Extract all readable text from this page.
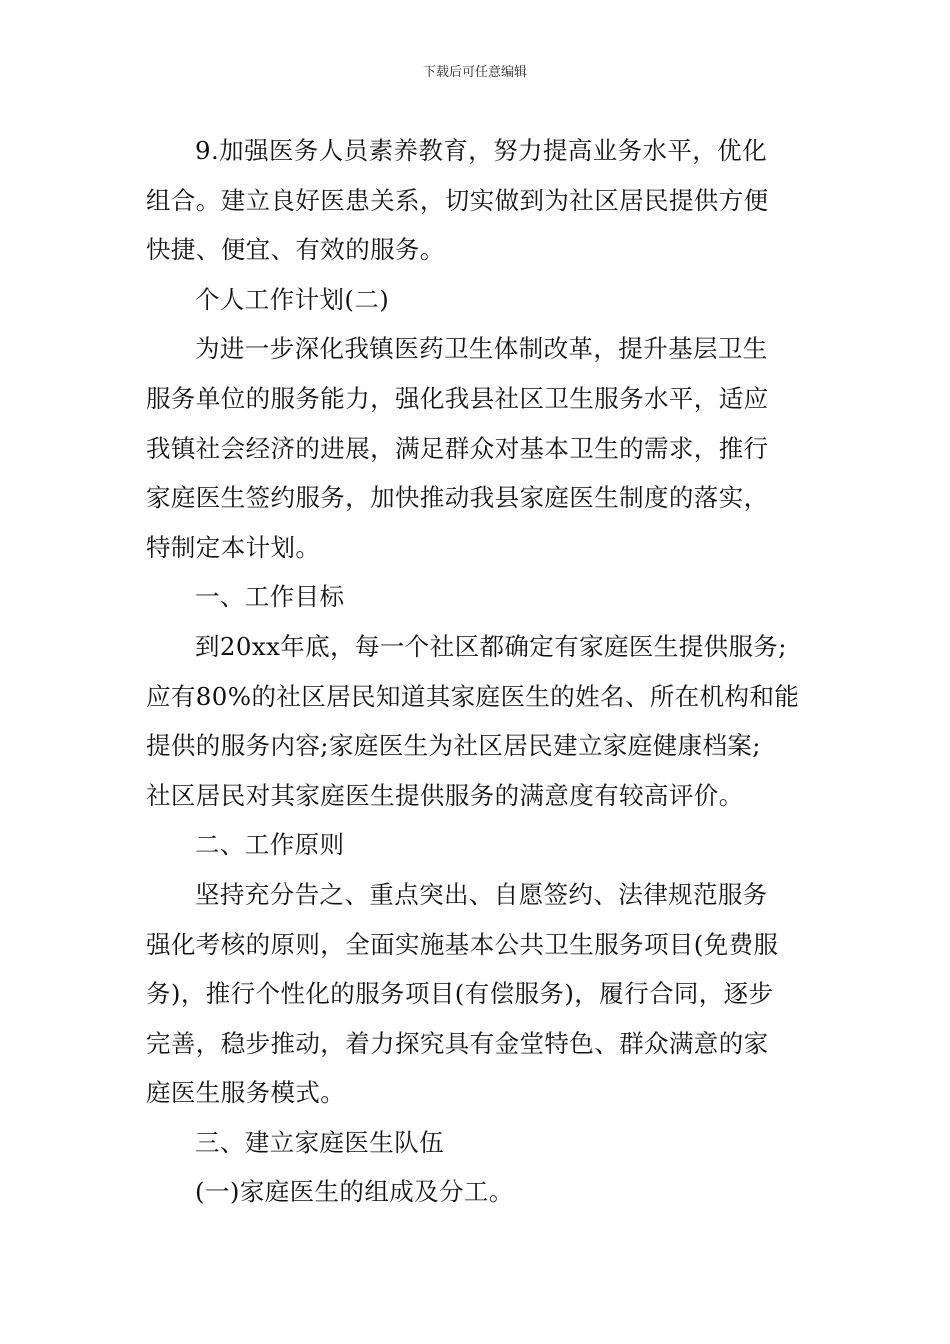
下载后可任意编辑

9.加强医务人员素养教育，努力提高业务水平，优化
组合。建立良好医患关系，切实做到为社区居民提供方便
快捷、便宜、有效的服务。

个人工作计划(二)

为进一步深化我镇医药卫生体制改革，提升基层卫生
服务单位的服务能力，强化我县社区卫生服务水平，适应
我镇社会经济的进展，满足群众对基本卫生的需求，推行
家庭医生签约服务，加快推动我县家庭医生制度的落实，
特制定本计划。

一、工作目标

到20xx年底，每一个社区都确定有家庭医生提供服务;
应有80%的社区居民知道其家庭医生的姓名、所在机构和能
提供的服务内容;家庭医生为社区居民建立家庭健康档案;
社区居民对其家庭医生提供服务的满意度有较高评价。

二、工作原则

坚持充分告之、重点突出、自愿签约、法律规范服务
强化考核的原则，全面实施基本公共卫生服务项目(免费服
务)，推行个性化的服务项目(有偿服务)，履行合同，逐步
完善，稳步推动，着力探究具有金堂特色、群众满意的家
庭医生服务模式。

三、建立家庭医生队伍

(一)家庭医生的组成及分工。
